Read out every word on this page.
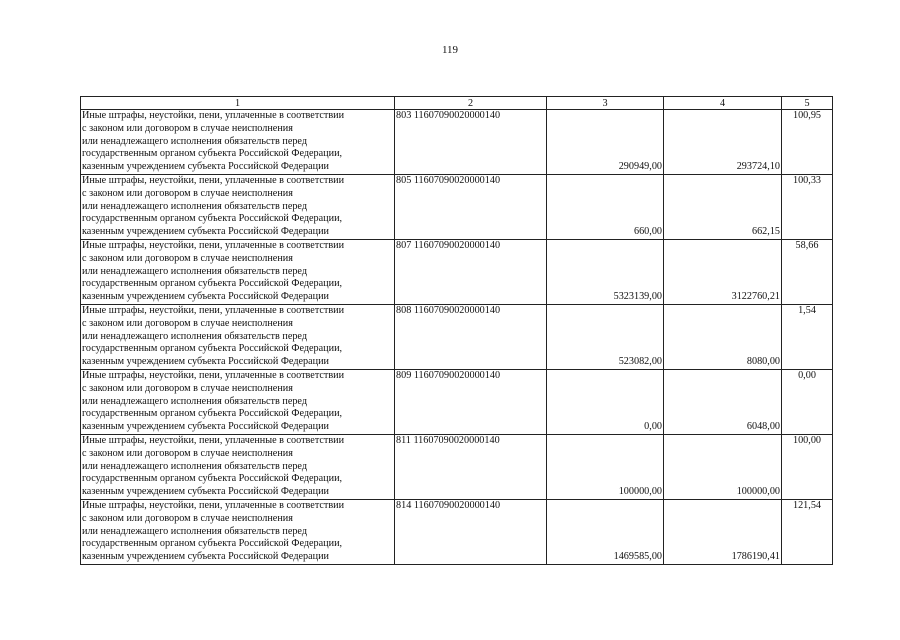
119
1	2	3	4	5
Иные штрафы, неустойки, пени, уплаченные в соответствии
с законом или договором в случае неисполнения
или ненадлежащего исполнения обязательств перед
государственным органом субъекта Российской Федерации,
казенным учреждением субъекта Российской Федерации	803 11607090020000140	290949,00	293724,10	100,95
Иные штрафы, неустойки, пени, уплаченные в соответствии
с законом или договором в случае неисполнения
или ненадлежащего исполнения обязательств перед
государственным органом субъекта Российской Федерации,
казенным учреждением субъекта Российской Федерации	805 11607090020000140	660,00	662,15	100,33
Иные штрафы, неустойки, пени, уплаченные в соответствии
с законом или договором в случае неисполнения
или ненадлежащего исполнения обязательств перед
государственным органом субъекта Российской Федерации,
казенным учреждением субъекта Российской Федерации	807 11607090020000140	5323139,00	3122760,21	58,66
Иные штрафы, неустойки, пени, уплаченные в соответствии
с законом или договором в случае неисполнения
или ненадлежащего исполнения обязательств перед
государственным органом субъекта Российской Федерации,
казенным учреждением субъекта Российской Федерации	808 11607090020000140	523082,00	8080,00	1,54
Иные штрафы, неустойки, пени, уплаченные в соответствии
с законом или договором в случае неисполнения
или ненадлежащего исполнения обязательств перед
государственным органом субъекта Российской Федерации,
казенным учреждением субъекта Российской Федерации	809 11607090020000140	0,00	6048,00	0,00
Иные штрафы, неустойки, пени, уплаченные в соответствии
с законом или договором в случае неисполнения
или ненадлежащего исполнения обязательств перед
государственным органом субъекта Российской Федерации,
казенным учреждением субъекта Российской Федерации	811 11607090020000140	100000,00	100000,00	100,00
Иные штрафы, неустойки, пени, уплаченные в соответствии
с законом или договором в случае неисполнения
или ненадлежащего исполнения обязательств перед
государственным органом субъекта Российской Федерации,
казенным учреждением субъекта Российской Федерации	814 11607090020000140	1469585,00	1786190,41	121,54
